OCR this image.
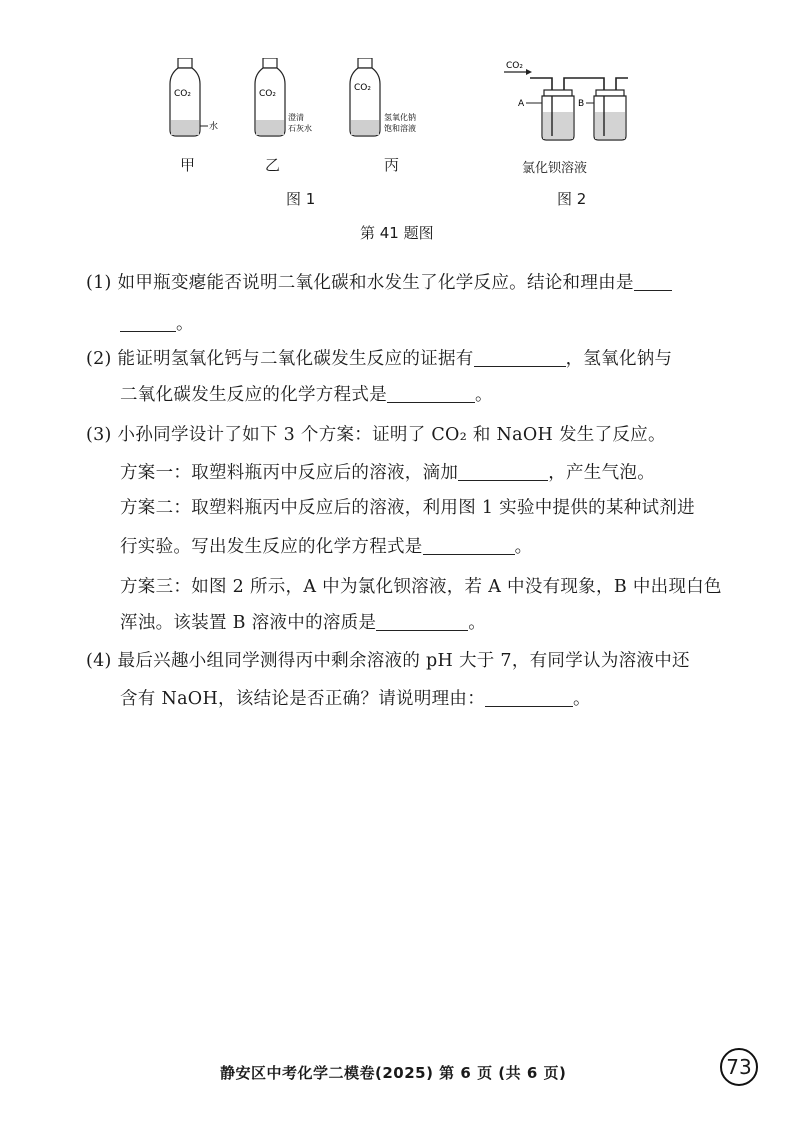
CO₂
水
CO₂
澄清
石灰水
CO₂
氢氧化钠
饱和溶液
甲	乙	丙
图 1
CO₂
A	B
氯化钡溶液
图 2
第 41 题图
(1) 如甲瓶变瘪能否说明二氧化碳和水发生了化学反应。结论和理由是
。
(2) 能证明氢氧化钙与二氧化碳发生反应的证据有	，氢氧化钠与
二氧化碳发生反应的化学方程式是	。
(3) 小孙同学设计了如下 3 个方案：证明了 CO₂ 和 NaOH 发生了反应。
方案一：取塑料瓶丙中反应后的溶液，滴加	，产生气泡。
方案二：取塑料瓶丙中反应后的溶液，利用图 1 实验中提供的某种试剂进
行实验。写出发生反应的化学方程式是	。
方案三：如图 2 所示，A 中为氯化钡溶液，若 A 中没有现象，B 中出现白色
浑浊。该装置 B 溶液中的溶质是	。
(4) 最后兴趣小组同学测得丙中剩余溶液的 pH 大于 7，有同学认为溶液中还
含有 NaOH，该结论是否正确？请说明理由：	。
静安区中考化学二模卷(2025) 第 6 页 (共 6 页)	73
